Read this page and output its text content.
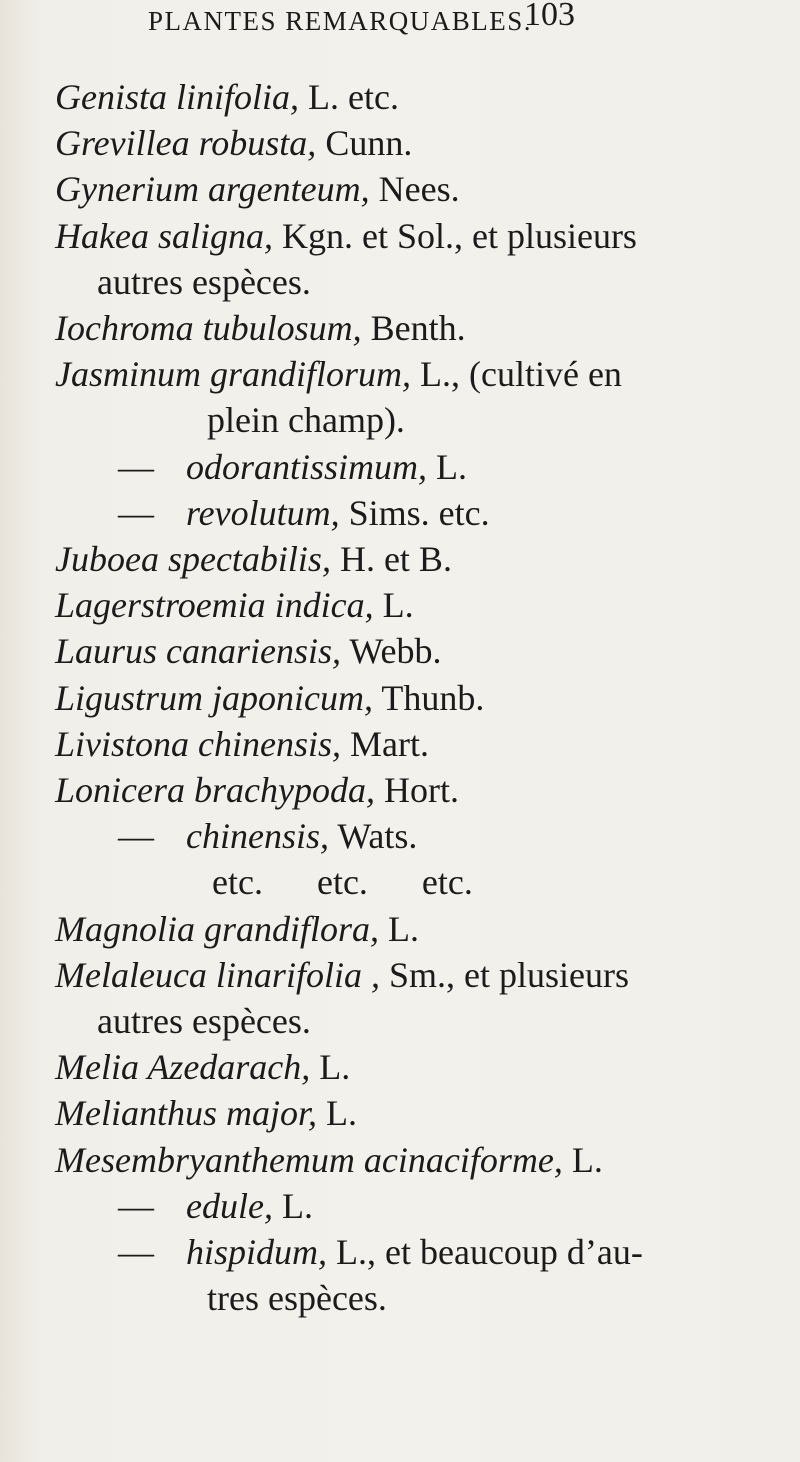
PLANTES REMARQUABLES.
103
Genista linifolia, L. etc.
Grevillea robusta, Cunn.
Gynerium argenteum, Nees.
Hakea saligna, Kgn. et Sol., et plusieurs
autres espèces.
Iochroma tubulosum, Benth.
Jasminum grandiflorum, L., (cultivé en
plein champ).
— odorantissimum, L.
— revolutum, Sims. etc.
Juboea spectabilis, H. et B.
Lagerstroemia indica, L.
Laurus canariensis, Webb.
Ligustrum japonicum, Thunb.
Livistona chinensis, Mart.
Lonicera brachypoda, Hort.
— chinensis, Wats.
etc.      etc.      etc.
Magnolia grandiflora, L.
Melaleuca linarifolia , Sm., et plusieurs
autres espèces.
Melia Azedarach, L.
Melianthus major, L.
Mesembryanthemum acinaciforme, L.
— edule, L.
— hispidum, L., et beaucoup d’au-
tres espèces.
